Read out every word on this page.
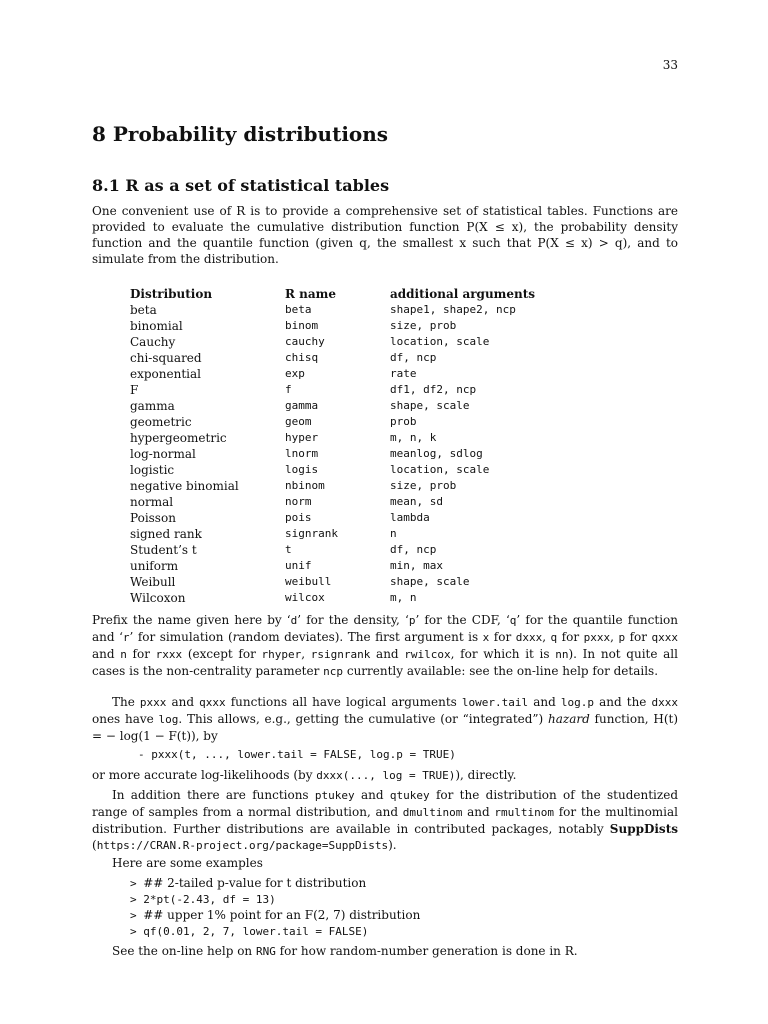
33
8 Probability distributions
8.1 R as a set of statistical tables

One convenient use of R is to provide a comprehensive set of statistical tables. Functions are provided to evaluate the cumulative distribution function P(X ≤ x), the probability density function and the quantile function (given q, the smallest x such that P(X ≤ x) > q), and to simulate from the distribution.

Distribution	R name	additional arguments
beta	beta	shape1, shape2, ncp
binomial	binom	size, prob
Cauchy	cauchy	location, scale
chi-squared	chisq	df, ncp
exponential	exp	rate
F	f	df1, df2, ncp
gamma	gamma	shape, scale
geometric	geom	prob
hypergeometric	hyper	m, n, k
log-normal	lnorm	meanlog, sdlog
logistic	logis	location, scale
negative binomial	nbinom	size, prob
normal	norm	mean, sd
Poisson	pois	lambda
signed rank	signrank	n
Student’s t	t	df, ncp
uniform	unif	min, max
Weibull	weibull	shape, scale
Wilcoxon	wilcox	m, n

Prefix the name given here by ‘d’ for the density, ‘p’ for the CDF, ‘q’ for the quantile function and ‘r’ for simulation (random deviates). The first argument is x for dxxx, q for pxxx, p for qxxx and n for rxxx (except for rhyper, rsignrank and rwilcox, for which it is nn). In not quite all cases is the non-centrality parameter ncp currently available: see the on-line help for details.

The pxxx and qxxx functions all have logical arguments lower.tail and log.p and the dxxx ones have log. This allows, e.g., getting the cumulative (or “integrated”) hazard function, H(t) = − log(1 − F(t)), by

- pxxx(t, ..., lower.tail = FALSE, log.p = TRUE)

or more accurate log-likelihoods (by dxxx(..., log = TRUE)), directly.

In addition there are functions ptukey and qtukey for the distribution of the studentized range of samples from a normal distribution, and dmultinom and rmultinom for the multinomial distribution. Further distributions are available in contributed packages, notably SuppDists (https://CRAN.R-project.org/package=SuppDists).

Here are some examples

> ## 2-tailed p-value for t distribution
> 2*pt(-2.43, df = 13)
> ## upper 1% point for an F(2, 7) distribution
> qf(0.01, 2, 7, lower.tail = FALSE)

See the on-line help on RNG for how random-number generation is done in R.
